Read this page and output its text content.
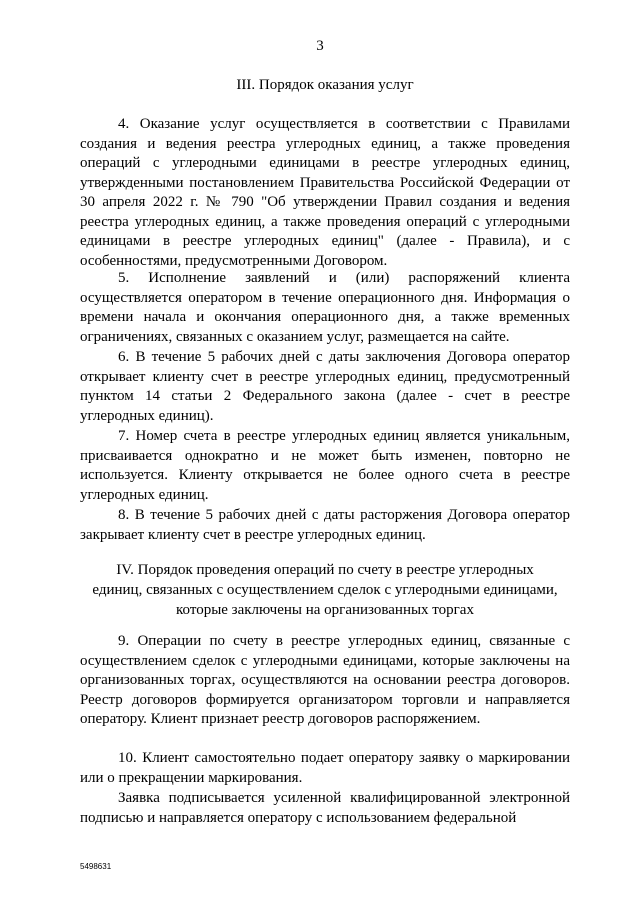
3
III. Порядок оказания услуг
4. Оказание услуг осуществляется в соответствии с Правилами создания и ведения реестра углеродных единиц, а также проведения операций с углеродными единицами в реестре углеродных единиц, утвержденными постановлением Правительства Российской Федерации от 30 апреля 2022 г. № 790 "Об утверждении Правил создания и ведения реестра углеродных единиц, а также проведения операций с углеродными единицами в реестре углеродных единиц" (далее - Правила), и с особенностями, предусмотренными Договором.
5. Исполнение заявлений и (или) распоряжений клиента осуществляется оператором в течение операционного дня. Информация о времени начала и окончания операционного дня, а также временных ограничениях, связанных с оказанием услуг, размещается на сайте.
6. В течение 5 рабочих дней с даты заключения Договора оператор открывает клиенту счет в реестре углеродных единиц, предусмотренный пунктом 14 статьи 2 Федерального закона (далее - счет в реестре углеродных единиц).
7. Номер счета в реестре углеродных единиц является уникальным, присваивается однократно и не может быть изменен, повторно не используется. Клиенту открывается не более одного счета в реестре углеродных единиц.
8. В течение 5 рабочих дней с даты расторжения Договора оператор закрывает клиенту счет в реестре углеродных единиц.
IV. Порядок проведения операций по счету в реестре углеродных
единиц, связанных с осуществлением сделок с углеродными единицами,
которые заключены на организованных торгах
9. Операции по счету в реестре углеродных единиц, связанные с осуществлением сделок с углеродными единицами, которые заключены на организованных торгах, осуществляются на основании реестра договоров. Реестр договоров формируется организатором торговли и направляется оператору. Клиент признает реестр договоров распоряжением.
10. Клиент самостоятельно подает оператору заявку о маркировании или о прекращении маркирования.
Заявка подписывается усиленной квалифицированной электронной подписью и направляется оператору с использованием федеральной
5498631
